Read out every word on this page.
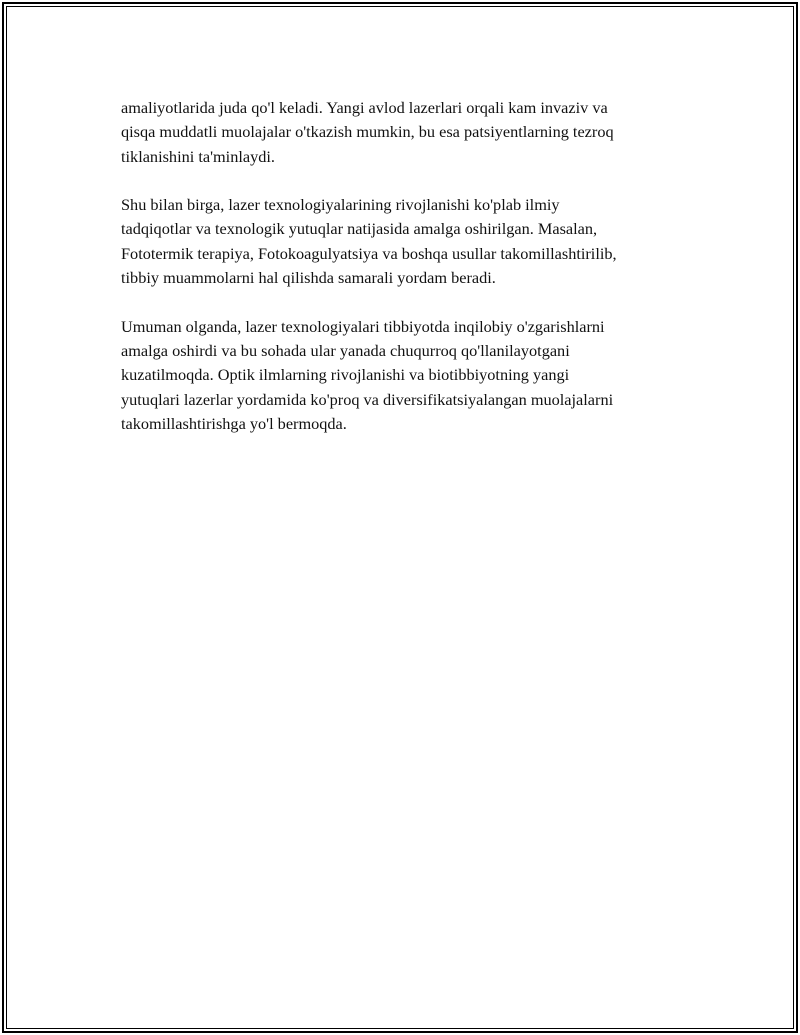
amaliyotlarida juda qo'l keladi. Yangi avlod lazerlari orqali kam invaziv va
qisqa muddatli muolajalar o'tkazish mumkin, bu esa patsiyentlarning tezroq
tiklanishini ta'minlaydi.

Shu bilan birga, lazer texnologiyalarining rivojlanishi ko'plab ilmiy
tadqiqotlar va texnologik yutuqlar natijasida amalga oshirilgan. Masalan,
Fototermik terapiya, Fotokoagulyatsiya va boshqa usullar takomillashtirilib,
tibbiy muammolarni hal qilishda samarali yordam beradi.

Umuman olganda, lazer texnologiyalari tibbiyotda inqilobiy o'zgarishlarni
amalga oshirdi va bu sohada ular yanada chuqurroq qo'llanilayotgani
kuzatilmoqda. Optik ilmlarning rivojlanishi va biotibbiyotning yangi
yutuqlari lazerlar yordamida ko'proq va diversifikatsiyalangan muolajalarni
takomillashtirishga yo'l bermoqda.
